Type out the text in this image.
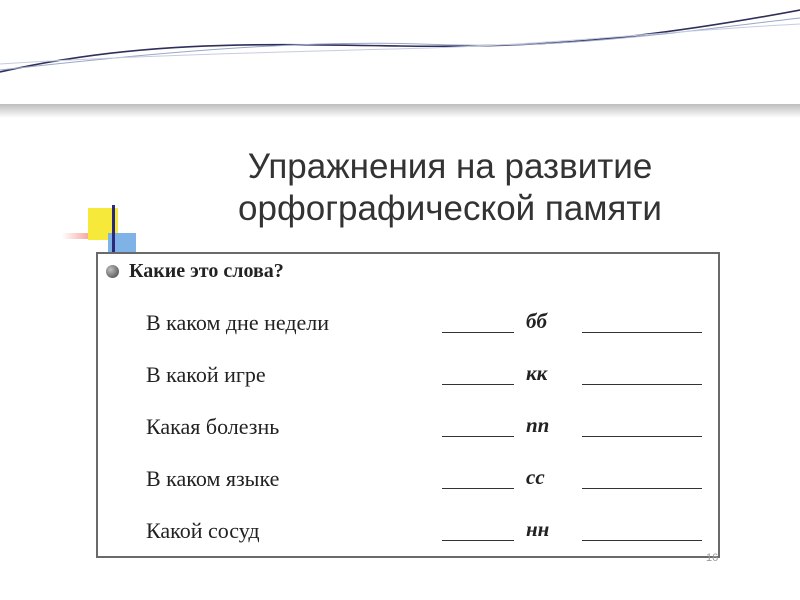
Упражнения на развитие
орфографической памяти
Какие это слова?
В каком дне недели	бб
В какой игре	кк
Какая болезнь	пп
В каком языке	сс
Какой сосуд	нн
16
